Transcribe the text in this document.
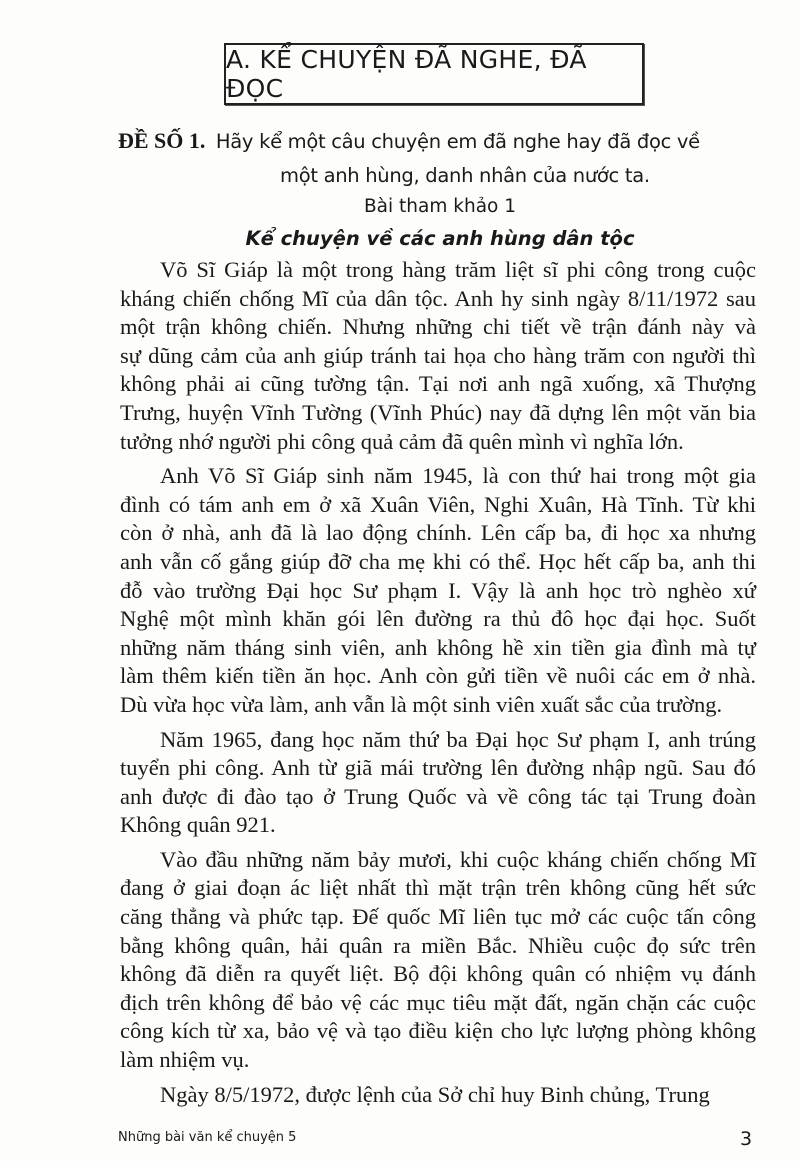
A. KỂ CHUYỆN ĐÃ NGHE, ĐÃ ĐỌC
ĐỀ SỐ 1. Hãy kể một câu chuyện em đã nghe hay đã đọc về
một anh hùng, danh nhân của nước ta.
Bài tham khảo 1
Kể chuyện về các anh hùng dân tộc
Võ Sĩ Giáp là một trong hàng trăm liệt sĩ phi công trong cuộc
kháng chiến chống Mĩ của dân tộc. Anh hy sinh ngày 8/11/1972 sau
một trận không chiến. Nhưng những chi tiết về trận đánh này và
sự dũng cảm của anh giúp tránh tai họa cho hàng trăm con người thì
không phải ai cũng tường tận. Tại nơi anh ngã xuống, xã Thượng
Trưng, huyện Vĩnh Tường (Vĩnh Phúc) nay đã dựng lên một văn bia
tưởng nhớ người phi công quả cảm đã quên mình vì nghĩa lớn.
Anh Võ Sĩ Giáp sinh năm 1945, là con thứ hai trong một gia
đình có tám anh em ở xã Xuân Viên, Nghi Xuân, Hà Tĩnh. Từ khi
còn ở nhà, anh đã là lao động chính. Lên cấp ba, đi học xa nhưng
anh vẫn cố gắng giúp đỡ cha mẹ khi có thể. Học hết cấp ba, anh thi
đỗ vào trường Đại học Sư phạm I. Vậy là anh học trò nghèo xứ
Nghệ một mình khăn gói lên đường ra thủ đô học đại học. Suốt
những năm tháng sinh viên, anh không hề xin tiền gia đình mà tự
làm thêm kiến tiền ăn học. Anh còn gửi tiền về nuôi các em ở nhà.
Dù vừa học vừa làm, anh vẫn là một sinh viên xuất sắc của trường.
Năm 1965, đang học năm thứ ba Đại học Sư phạm I, anh trúng
tuyển phi công. Anh từ giã mái trường lên đường nhập ngũ. Sau đó
anh được đi đào tạo ở Trung Quốc và về công tác tại Trung đoàn
Không quân 921.
Vào đầu những năm bảy mươi, khi cuộc kháng chiến chống Mĩ
đang ở giai đoạn ác liệt nhất thì mặt trận trên không cũng hết sức
căng thẳng và phức tạp. Đế quốc Mĩ liên tục mở các cuộc tấn công
bằng không quân, hải quân ra miền Bắc. Nhiều cuộc đọ sức trên
không đã diễn ra quyết liệt. Bộ đội không quân có nhiệm vụ đánh
địch trên không để bảo vệ các mục tiêu mặt đất, ngăn chặn các cuộc
công kích từ xa, bảo vệ và tạo điều kiện cho lực lượng phòng không
làm nhiệm vụ.
Ngày 8/5/1972, được lệnh của Sở chỉ huy Binh chủng, Trung
Những bài văn kể chuyện 5	3
